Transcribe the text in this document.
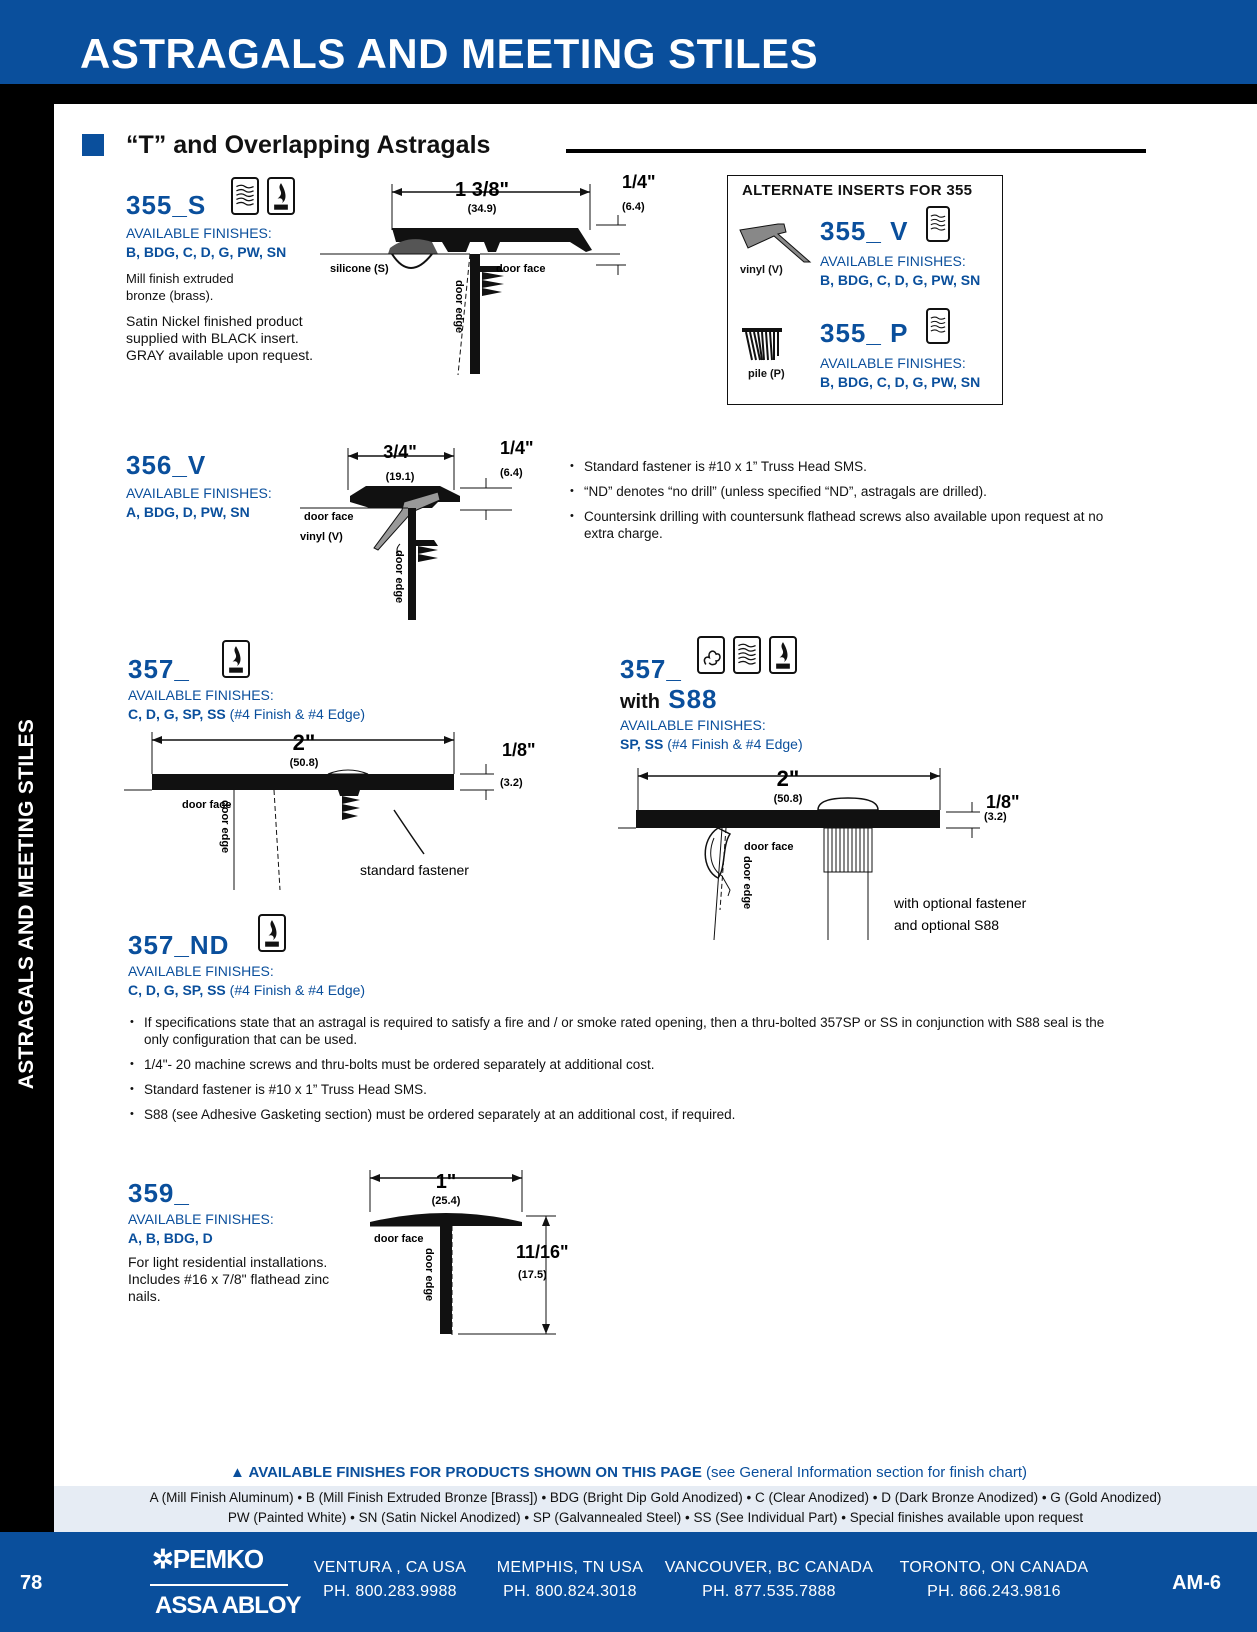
ASTRAGALS AND MEETING STILES
ASTRAGALS AND MEETING STILES
“T” and Overlapping Astragals
355_S
AVAILABLE FINISHES:
B, BDG, C, D, G, PW, SN
Mill finish extruded bronze (brass).
Satin Nickel finished product supplied with BLACK insert. GRAY available upon request.
1 3/8"
(34.9)
1/4"
(6.4)
silicone (S)	door face
door edge
ALTERNATE INSERTS FOR 355
vinyl (V)
355_ V
AVAILABLE FINISHES:
B, BDG, C, D, G, PW, SN
pile (P)
355_ P
AVAILABLE FINISHES:
B, BDG, C, D, G, PW, SN
356_V
AVAILABLE FINISHES:
A, BDG, D, PW, SN
3/4"
(19.1)
1/4"
(6.4)
door face
vinyl (V)
door edge
• Standard fastener is #10 x 1” Truss Head SMS.
• “ND” denotes “no drill” (unless specified “ND”, astragals are drilled).
• Countersink drilling with countersunk flathead screws also available upon request at no extra charge.
357_
AVAILABLE FINISHES:
C, D, G, SP, SS (#4 Finish & #4 Edge)
2"
(50.8)
1/8"
(3.2)
door face
door edge
standard fastener
357_
with S88
AVAILABLE FINISHES:
SP, SS (#4 Finish & #4 Edge)
2"
(50.8)	1/8"
(3.2)
door face
door edge	with optional fastener
and optional S88
357_ND
AVAILABLE FINISHES:
C, D, G, SP, SS (#4 Finish & #4 Edge)
• If specifications state that an astragal is required to satisfy a fire and / or smoke rated opening, then a thru-bolted 357SP or SS in conjunction with S88 seal is the only configuration that can be used.
• 1/4"- 20 machine screws and thru-bolts must be ordered separately at additional cost.
• Standard fastener is #10 x 1” Truss Head SMS.
• S88 (see Adhesive Gasketing section) must be ordered separately at an additional cost, if required.
359_
AVAILABLE FINISHES:
A, B, BDG, D
For light residential installations. Includes #16 x 7/8" flathead zinc nails.
1"
(25.4)
11/16"
(17.5)
door face
door edge
▲ AVAILABLE FINISHES FOR PRODUCTS SHOWN ON THIS PAGE (see General Information section for finish chart)
A (Mill Finish Aluminum) • B (Mill Finish Extruded Bronze [Brass]) • BDG (Bright Dip Gold Anodized) • C (Clear Anodized) • D (Dark Bronze Anodized) • G (Gold Anodized)
PW (Painted White) • SN (Satin Nickel Anodized) • SP (Galvannealed Steel) • SS (See Individual Part) • Special finishes available upon request
78
✲PEMKO
ASSA ABLOY
VENTURA , CA USA
PH. 800.283.9988
MEMPHIS, TN USA
PH. 800.824.3018
VANCOUVER, BC CANADA
PH. 877.535.7888
TORONTO, ON CANADA
PH. 866.243.9816	AM-6
